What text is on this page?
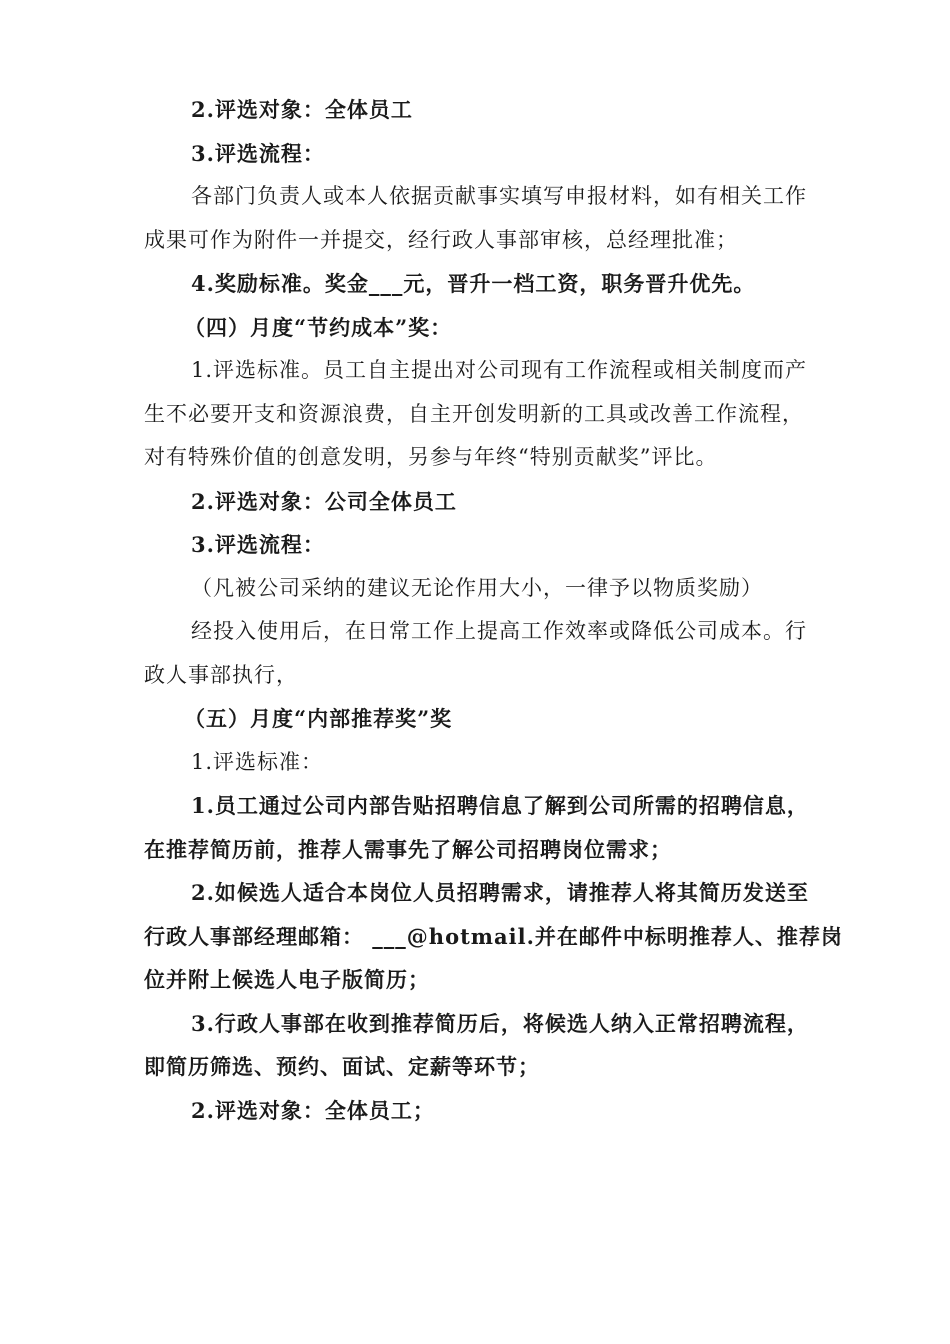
2.评选对象：全体员工

3.评选流程：

各部门负责人或本人依据贡献事实填写申报材料，如有相关工作

成果可作为附件一并提交，经行政人事部审核，总经理批准；

4.奖励标准。奖金___元，晋升一档工资，职务晋升优先。

（四）月度“节约成本”奖：

1.评选标准。员工自主提出对公司现有工作流程或相关制度而产

生不必要开支和资源浪费，自主开创发明新的工具或改善工作流程，

对有特殊价值的创意发明，另参与年终“特别贡献奖”评比。

2.评选对象：公司全体员工

3.评选流程：

（凡被公司采纳的建议无论作用大小，一律予以物质奖励）

经投入使用后，在日常工作上提高工作效率或降低公司成本。行

政人事部执行，

（五）月度“内部推荐奖”奖

1.评选标准：

1.员工通过公司内部告贴招聘信息了解到公司所需的招聘信息，

在推荐简历前，推荐人需事先了解公司招聘岗位需求；

2.如候选人适合本岗位人员招聘需求，请推荐人将其简历发送至

行政人事部经理邮箱： ___@hotmail.并在邮件中标明推荐人、推荐岗

位并附上候选人电子版简历；

3.行政人事部在收到推荐简历后，将候选人纳入正常招聘流程，

即简历筛选、预约、面试、定薪等环节；

2.评选对象：全体员工；
